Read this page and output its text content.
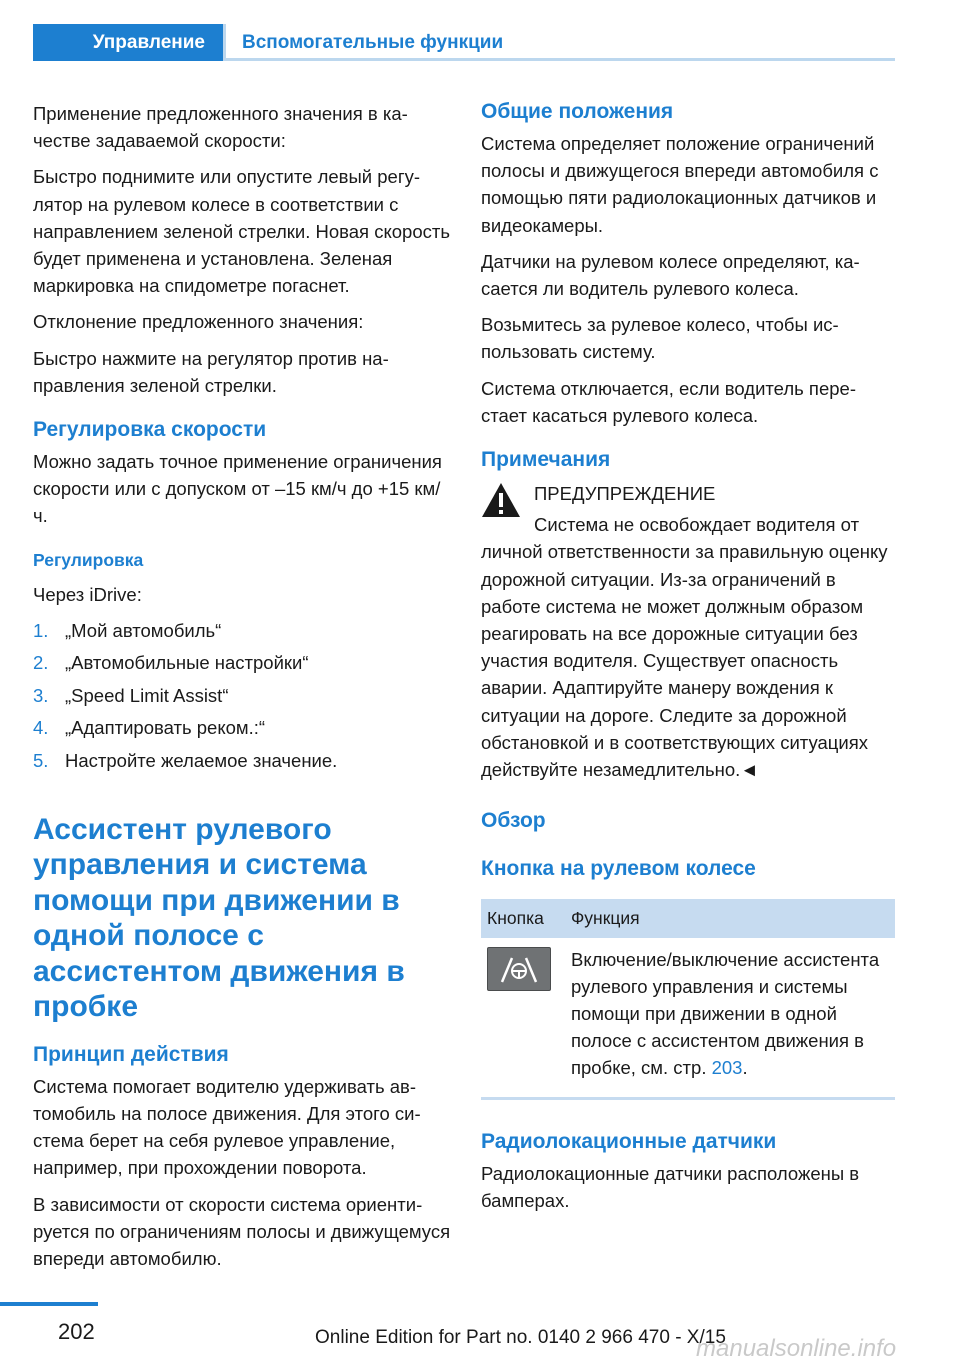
Управление Вспомогательные функции

Применение предложенного значения в качестве задаваемой скорости:

Быстро поднимите или опустите левый регулятор на рулевом колесе в соответствии с направлением зеленой стрелки. Новая скорость будет применена и установлена. Зеленая маркировка на спидометре погаснет.

Отклонение предложенного значения:

Быстро нажмите на регулятор против направления зеленой стрелки.

Регулировка скорости

Можно задать точное применение ограничения скорости или с допуском от –15 км/ч до +15 км/ч.

Регулировка

Через iDrive:

1. „Мой автомобиль“
2. „Автомобильные настройки“
3. „Speed Limit Assist“
4. „Адаптировать реком.:“
5. Настройте желаемое значение.
Ассистент рулевого управления и система помощи при движении в одной полосе с ассистентом движения в пробке
Принцип действия

Система помогает водителю удерживать автомобиль на полосе движения. Для этого система берет на себя рулевое управление, например, при прохождении поворота.

В зависимости от скорости система ориентируется по ограничениям полосы и движущемуся впереди автомобилю.

Общие положения

Система определяет положение ограничений полосы и движущегося впереди автомобиля с помощью пяти радиолокационных датчиков и видеокамеры.

Датчики на рулевом колесе определяют, касается ли водитель рулевого колеса.

Возьмитесь за рулевое колесо, чтобы использовать систему.

Система отключается, если водитель перестает касаться рулевого колеса.

Примечания

ПРЕДУПРЕЖДЕНИЕ

Система не освобождает водителя от

личной ответственности за правильную оценку дорожной ситуации. Из-за ограничений в работе система не может должным образом реагировать на все дорожные ситуации без участия водителя. Существует опасность аварии. Адаптируйте манеру вождения к ситуации на дороге. Следите за дорожной обстановкой и в соответствующих ситуациях действуйте незамедлительно.◄

Обзор
Кнопка на рулевом колесе
Кнопка	Функция

	Включение/выключение ассистента рулевого управления и системы помощи при движении в одной полосе с ассистентом движения в пробке, см. стр. 203.
Радиолокационные датчики

Радиолокационные датчики расположены в бамперах.

202	Online Edition for Part no. 0140 2 966 470 - X/15
manualsonline.info
